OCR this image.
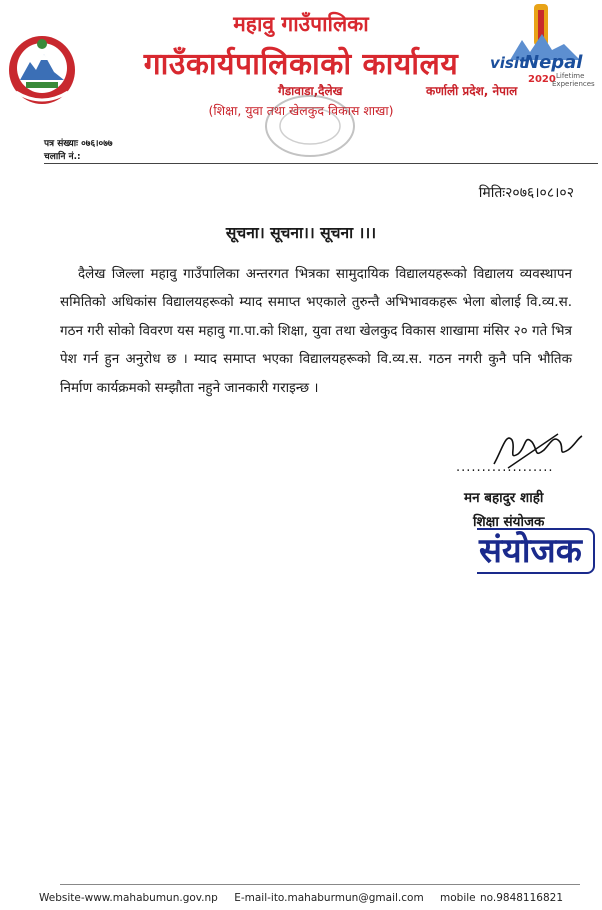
visit
Nepal
2020 Lifetime
Experiences
महावु गाउँपालिका
गाउँकार्यपालिकाको कार्यालय
गैडावाडा,दैलेख	कर्णाली प्रदेश, नेपाल
(शिक्षा, युवा तथा खेलकुद विकास शाखा)
पत्र संख्याः ०७६।०७७
चलानि नं.:
मितिः२०७६।०८।०२
सूचना। सूचना।। सूचना ।।।

दैलेख जिल्ला महावु गाउँपालिका अन्तरगत भित्रका सामुदायिक विद्यालयहरूको विद्यालय व्यवस्थापन समितिको अधिकांस विद्यालयहरूको म्याद समाप्त भएकाले तुरुन्तै अभिभावकहरू भेला बोलाई वि.व्य.स. गठन गरी सोको विवरण यस महावु गा.पा.को शिक्षा, युवा तथा खेलकुद विकास शाखामा मंसिर २० गते भित्र पेश गर्न हुन अनुरोध छ । म्याद समाप्त भएका विद्यालयहरूको वि.व्य.स. गठन नगरी कुनै पनि भौतिक निर्माण कार्यक्रमको सम्झौता नहुने जानकारी गराइन्छ ।

...................
मन बहादुर शाही
शिक्षा संयोजक
संयोजक
Website-www.mahabumun.gov.np E-mail-ito.mahaburmun@gmail.com mobile no.9848116821
